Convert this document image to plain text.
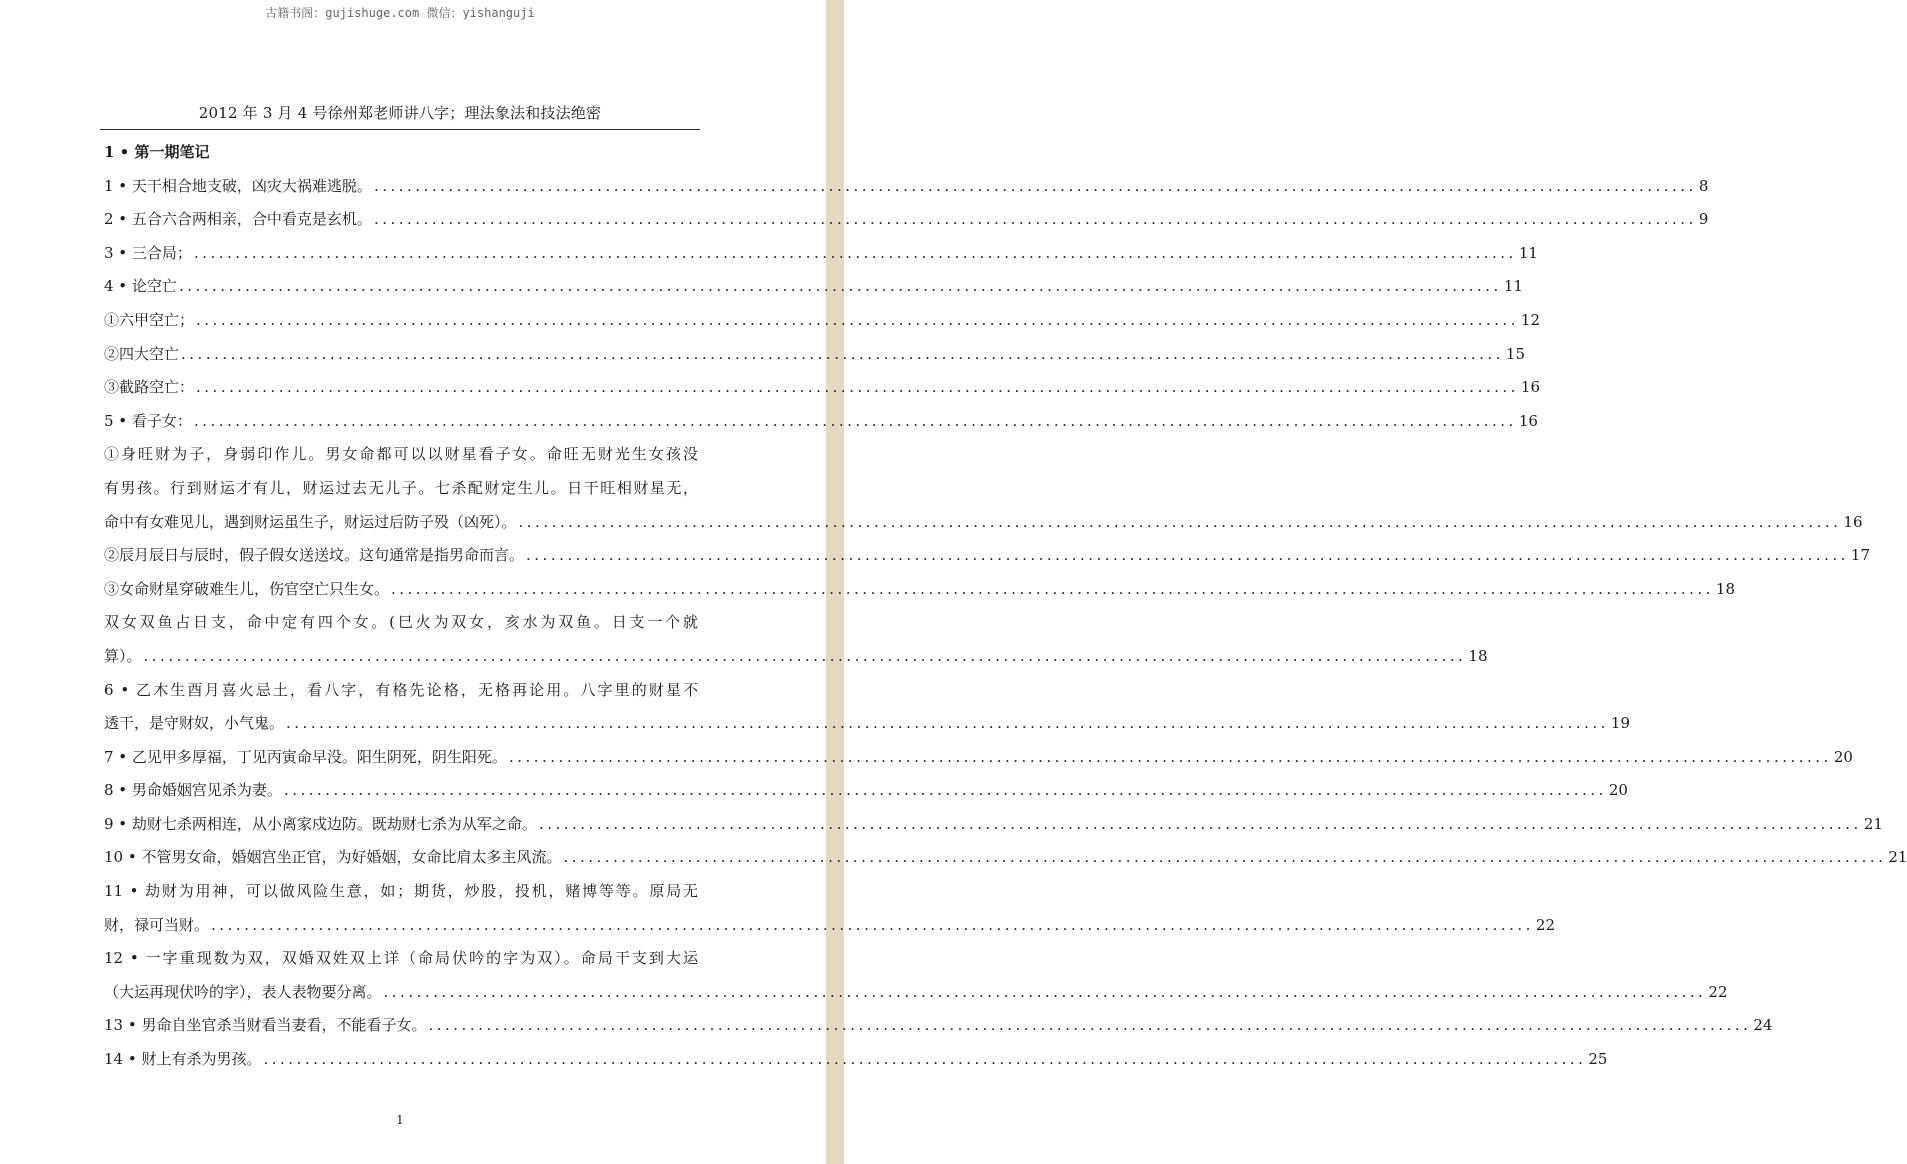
古籍书阁：gujishuge.com 微信：yishanguji
2012 年 3 月 4 号徐州郑老师讲八字；理法象法和技法绝密
1 • 第一期笔记
1 • 天干相合地支破，凶灾大祸难逃脱。 ................................................................................................................................................................ 8
2 • 五合六合两相亲，合中看克是玄机。 ................................................................................................................................................................ 9
3 • 三合局； ................................................................................................................................................................ 11
4 • 论空亡 ................................................................................................................................................................ 11
①六甲空亡； ................................................................................................................................................................ 12
②四大空亡 ................................................................................................................................................................ 15
③截路空亡： ................................................................................................................................................................ 16
5 • 看子女： ................................................................................................................................................................ 16
①身旺财为子，身弱印作儿。男女命都可以以财星看子女。命旺无财光生女孩没
有男孩。行到财运才有儿，财运过去无儿子。七杀配财定生儿。日干旺相财星无，
命中有女难见儿，遇到财运虽生子，财运过后防子殁（凶死）。 ................................................................................................................................................................ 16
②辰月辰日与辰时，假子假女送送坟。这句通常是指男命而言。 ................................................................................................................................................................ 17
③女命财星穿破难生儿，伤官空亡只生女。 ................................................................................................................................................................ 18
双女双鱼占日支，命中定有四个女。(巳火为双女，亥水为双鱼。日支一个就
算）。 ................................................................................................................................................................ 18
6 • 乙木生酉月喜火忌土，看八字，有格先论格，无格再论用。八字里的财星不
透干，是守财奴，小气鬼。 ................................................................................................................................................................ 19
7 • 乙见甲多厚福，丁见丙寅命早没。阳生阴死，阴生阳死。 ................................................................................................................................................................ 20
8 • 男命婚姻宫见杀为妻。 ................................................................................................................................................................ 20
9 • 劫财七杀两相连，从小离家戍边防。既劫财七杀为从军之命。 ................................................................................................................................................................ 21
10 • 不管男女命，婚姻宫坐正官，为好婚姻，女命比肩太多主风流。 ................................................................................................................................................................ 21
11 • 劫财为用神，可以做风险生意，如；期货，炒股，投机，赌博等等。原局无
财，禄可当财。 ................................................................................................................................................................ 22
12 • 一字重现数为双，双婚双姓双上详（命局伏吟的字为双）。命局干支到大运
（大运再现伏吟的字），表人表物要分离。 ................................................................................................................................................................ 22
13 • 男命自坐官杀当财看当妻看，不能看子女。 ................................................................................................................................................................ 24
14 • 财上有杀为男孩。 ................................................................................................................................................................ 25
1
